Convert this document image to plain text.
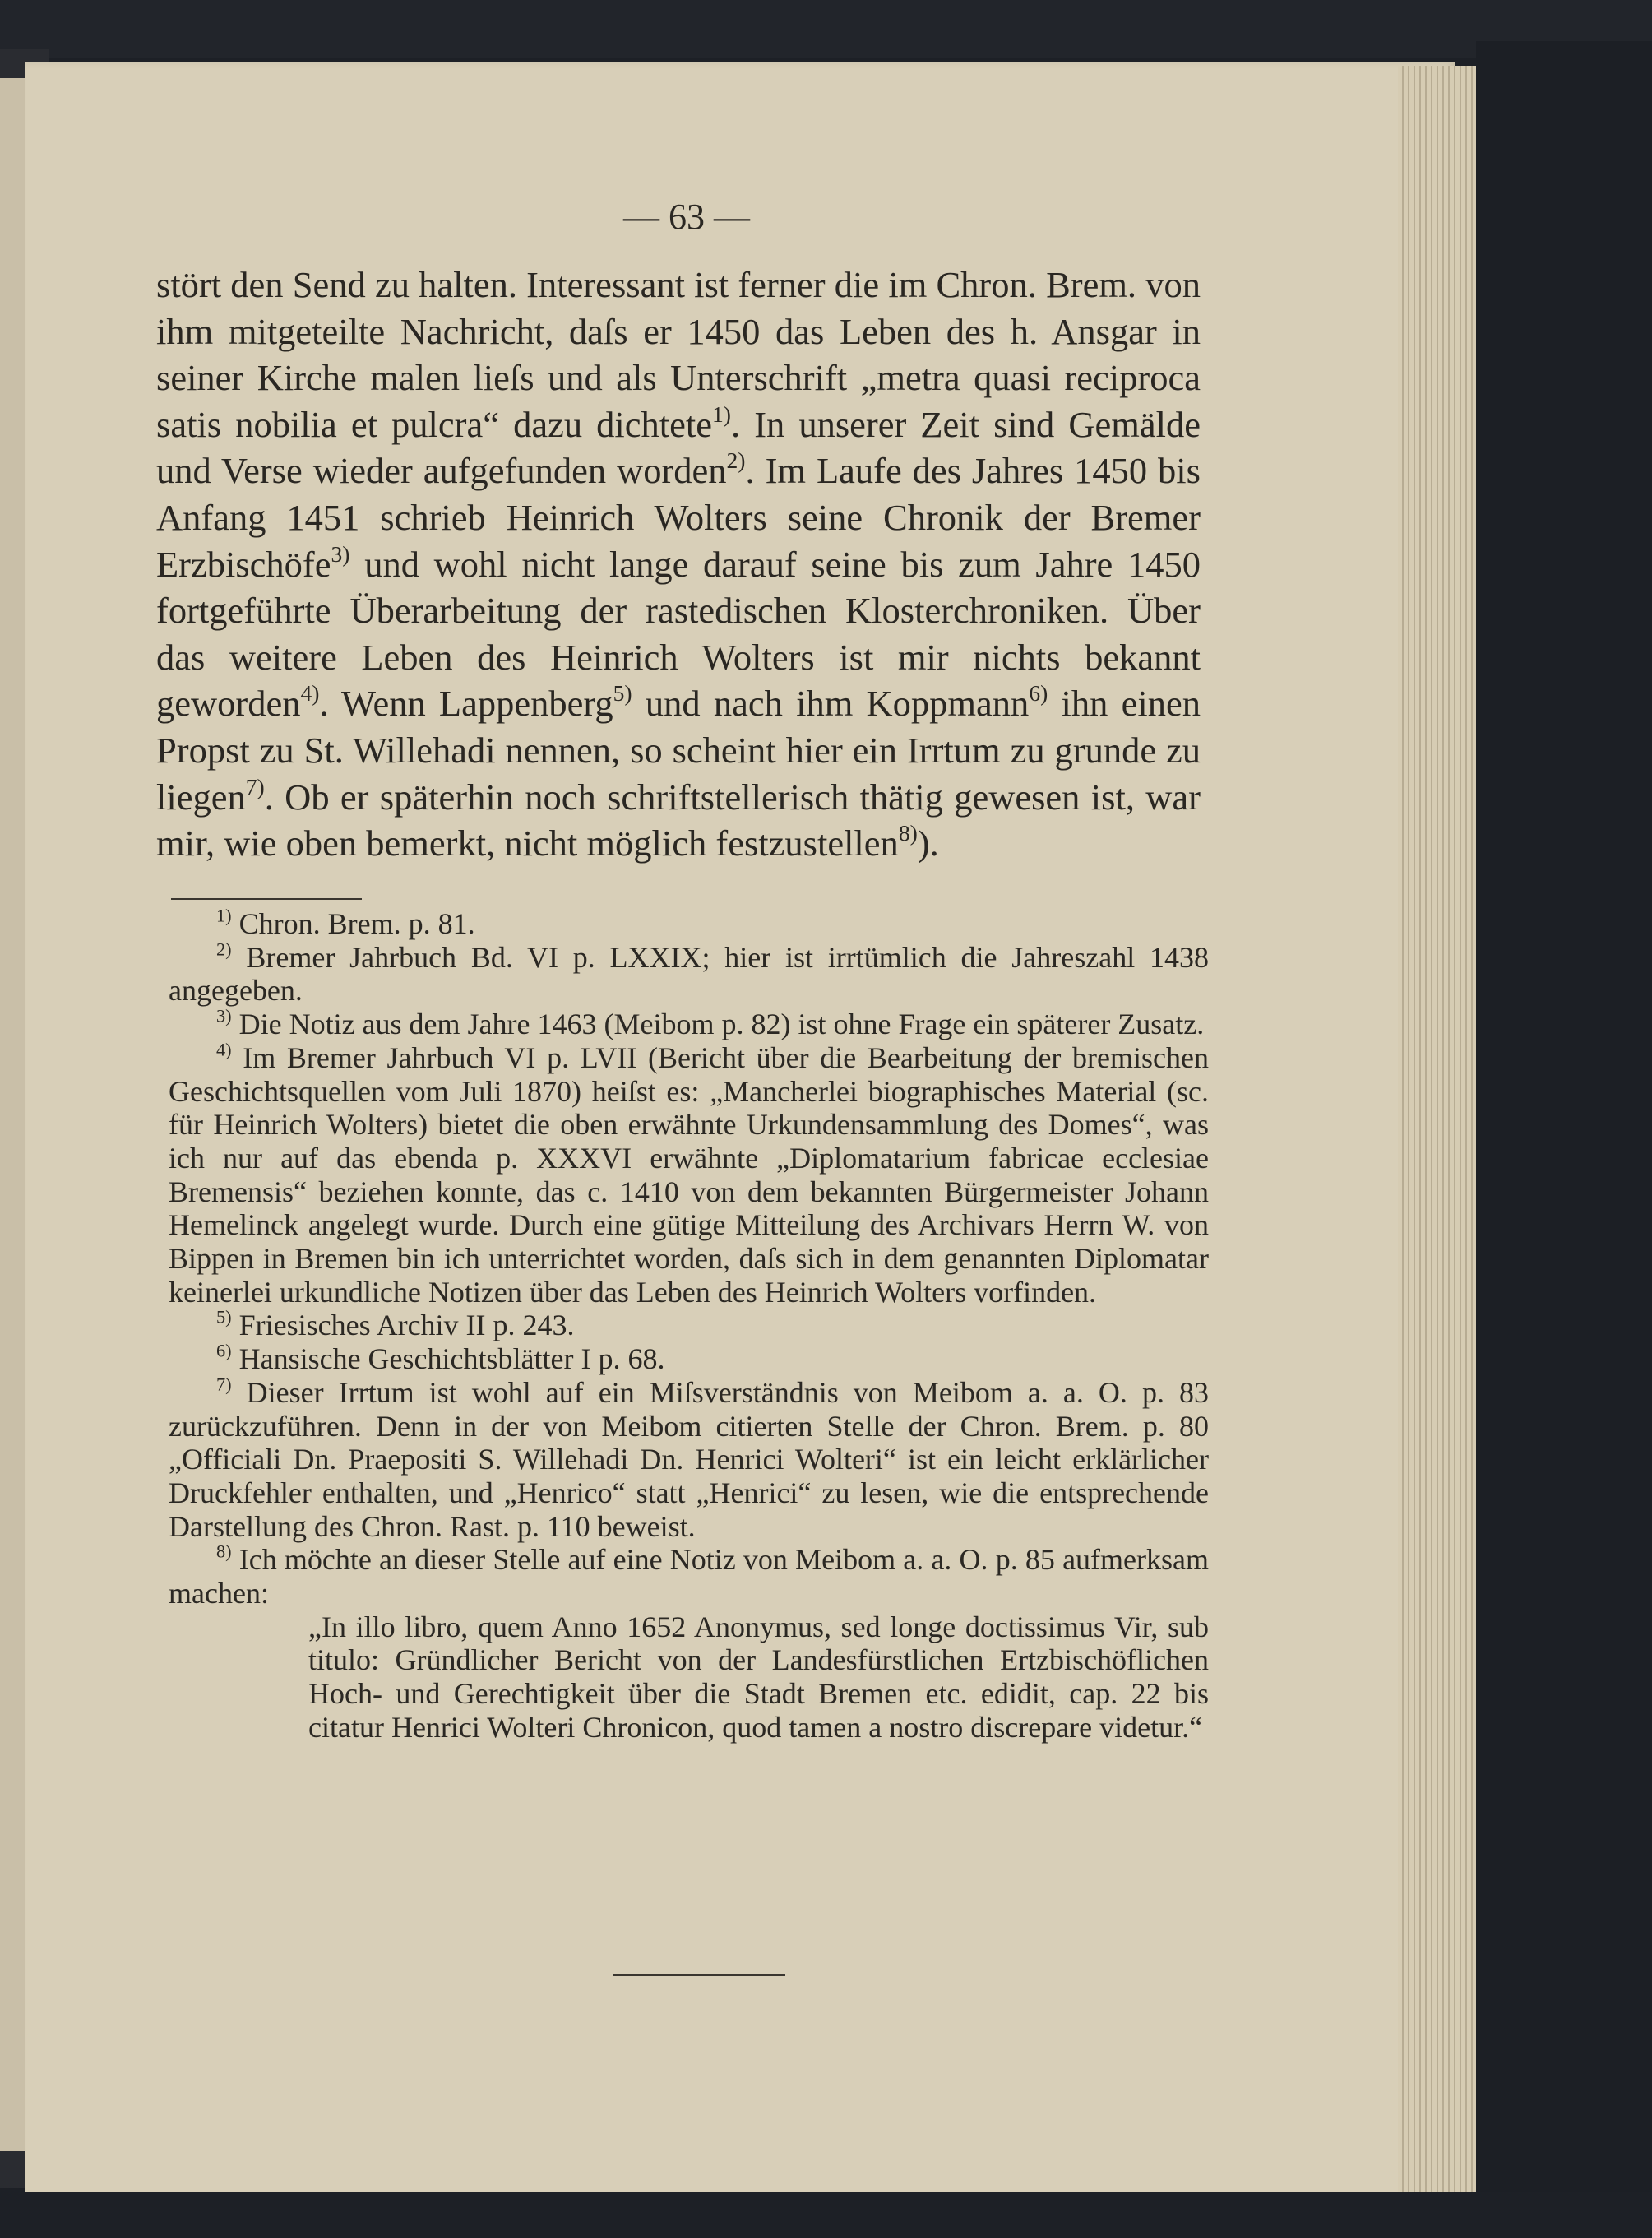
— 63 —

stört den Send zu halten. Interessant ist ferner die im Chron. Brem. von ihm mitgeteilte Nachricht, daſs er 1450 das Leben des h. Ansgar in seiner Kirche malen lieſs und als Unterschrift „metra quasi reciproca satis nobilia et pulcra“ dazu dichtete$^{1)}$. In unserer Zeit sind Gemälde und Verse wieder aufgefunden worden$^{2)}$. Im Laufe des Jahres 1450 bis Anfang 1451 schrieb Heinrich Wolters seine Chronik der Bremer Erzbischöfe$^{3)}$ und wohl nicht lange darauf seine bis zum Jahre 1450 fortgeführte Überarbeitung der rastedischen Klosterchroniken. Über das weitere Leben des Heinrich Wolters ist mir nichts bekannt geworden$^{4)}$. Wenn Lappenberg$^{5)}$ und nach ihm Koppmann$^{6)}$ ihn einen Propst zu St. Willehadi nennen, so scheint hier ein Irrtum zu grunde zu liegen$^{7)}$. Ob er späterhin noch schriftstellerisch thätig gewesen ist, war mir, wie oben bemerkt, nicht möglich festzustellen$^{8)}$).

$^{1)}$ Chron. Brem. p. 81.

$^{2)}$ Bremer Jahrbuch Bd. VI p. LXXIX; hier ist irrtümlich die Jahreszahl 1438 angegeben.

$^{3)}$ Die Notiz aus dem Jahre 1463 (Meibom p. 82) ist ohne Frage ein späterer Zusatz.

$^{4)}$ Im Bremer Jahrbuch VI p. LVII (Bericht über die Bearbeitung der bremischen Geschichtsquellen vom Juli 1870) heiſst es: „Mancherlei biographisches Material (sc. für Heinrich Wolters) bietet die oben erwähnte Urkundensammlung des Domes“, was ich nur auf das ebenda p. XXXVI erwähnte „Diplomatarium fabricae ecclesiae Bremensis“ beziehen konnte, das c. 1410 von dem bekannten Bürgermeister Johann Hemelinck angelegt wurde. Durch eine gütige Mitteilung des Archivars Herrn W. von Bippen in Bremen bin ich unterrichtet worden, daſs sich in dem genannten Diplomatar keinerlei urkundliche Notizen über das Leben des Heinrich Wolters vorfinden.

$^{5)}$ Friesisches Archiv II p. 243.

$^{6)}$ Hansische Geschichtsblätter I p. 68.

$^{7)}$ Dieser Irrtum ist wohl auf ein Miſsverständnis von Meibom a. a. O. p. 83 zurückzuführen. Denn in der von Meibom citierten Stelle der Chron. Brem. p. 80 „Officiali Dn. Praepositi S. Willehadi Dn. Henrici Wolteri“ ist ein leicht erklärlicher Druckfehler enthalten, und „Henrico“ statt „Henrici“ zu lesen, wie die entsprechende Darstellung des Chron. Rast. p. 110 beweist.

$^{8)}$ Ich möchte an dieser Stelle auf eine Notiz von Meibom a. a. O. p. 85 aufmerksam machen:

„In illo libro, quem Anno 1652 Anonymus, sed longe doctissimus Vir, sub titulo: Gründlicher Bericht von der Landesfürstlichen Ertzbischöflichen Hoch- und Gerechtigkeit über die Stadt Bremen etc. edidit, cap. 22 bis citatur Henrici Wolteri Chronicon, quod tamen a nostro discrepare videtur.“
